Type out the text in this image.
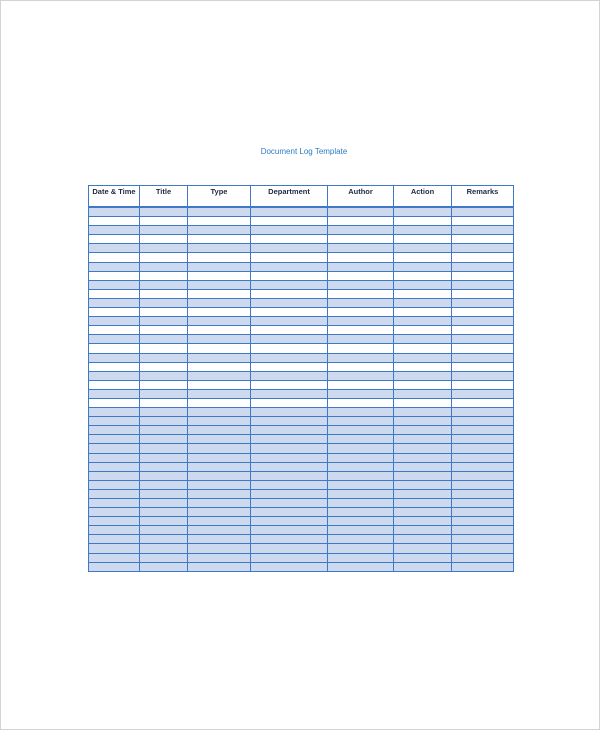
Document Log Template
Date & Time	Title	Type	Department	Author	Action	Remarks
